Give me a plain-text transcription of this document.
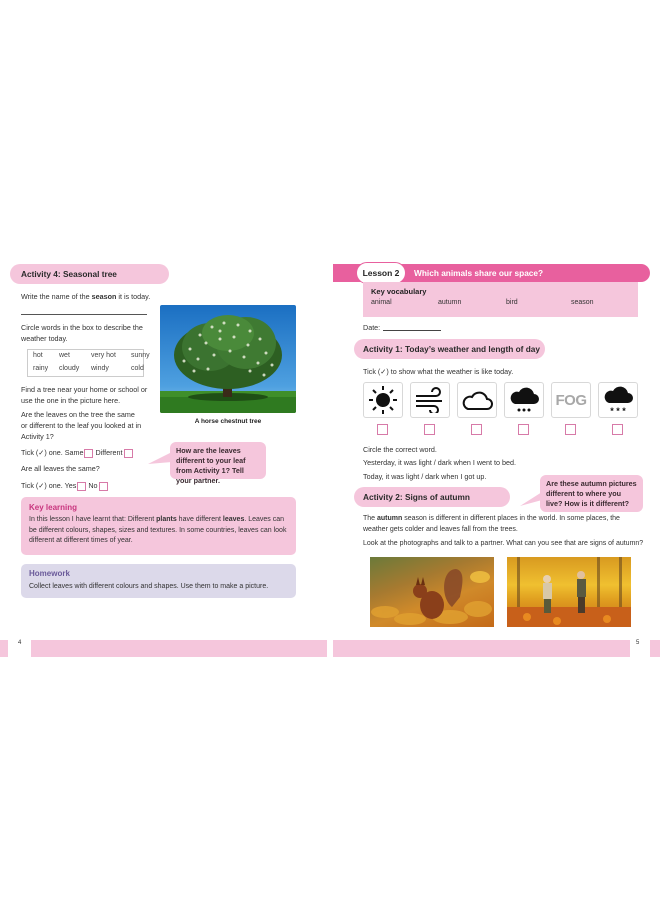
Activity 4: Seasonal tree
Write the name of the season it is today.
Circle words in the box to describe the weather today.
hot	wet	very hot	sunny
rainy	cloudy	windy	cold
Find a tree near your home or school or use the one in the picture here.
Are the leaves on the tree the same or different to the leaf you looked at in Activity 1?
Tick (✓) one. Same Different
Are all leaves the same?
Tick (✓) one. Yes No
A horse chestnut tree
How are the leaves different to your leaf from Activity 1? Tell your partner.
Key learning
In this lesson I have learnt that: Different plants have different leaves. Leaves can be different colours, shapes, sizes and textures. In some countries, leaves can look different at different times of year.
Homework
Collect leaves with different colours and shapes. Use them to make a picture.
Lesson 2 Which animals share our space?
Key vocabulary
animal	autumn	bird	season
Date:
Activity 1: Today’s weather and length of day
Tick (✓) to show what the weather is like today.
FOG
* * *
Circle the correct word.
Yesterday, it was light / dark when I went to bed.
Today, it was light / dark when I got up.
Activity 2: Signs of autumn
Are these autumn pictures different to where you live? How is it different?
The autumn season is different in different places in the world. In some places, the weather gets colder and leaves fall from the trees.
Look at the photographs and talk to a partner. What can you see that are signs of autumn?
4	5
